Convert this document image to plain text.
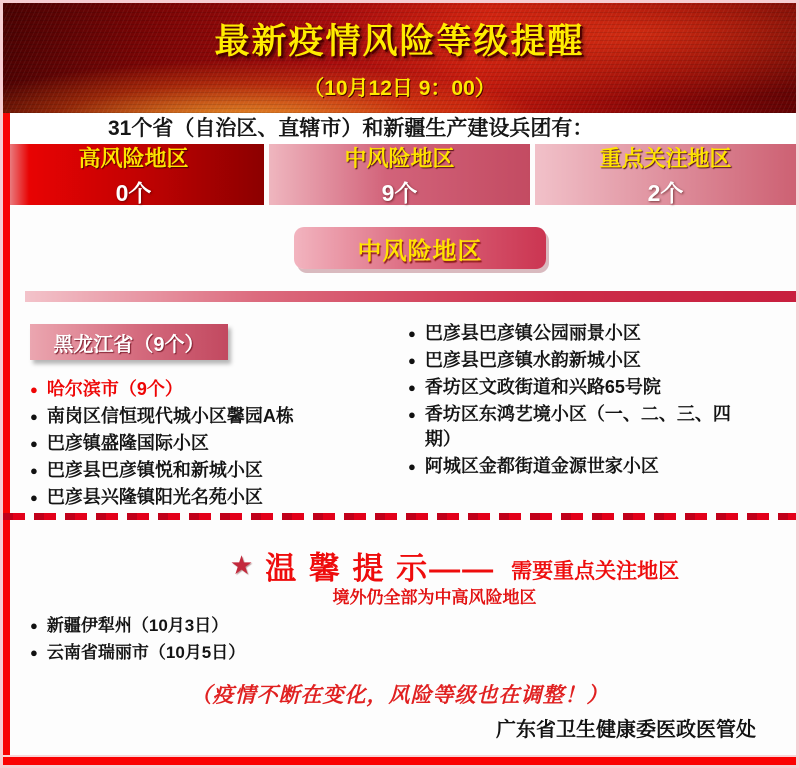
最新疫情风险等级提醒
（10月12日 9：00）
31个省（自治区、直辖市）和新疆生产建设兵团有：
高风险地区
0个
中风险地区
9个
重点关注地区
2个
中风险地区
黑龙江省（9个）
● 哈尔滨市（9个）
● 南岗区信恒现代城小区馨园A栋
● 巴彦镇盛隆国际小区
● 巴彦县巴彦镇悦和新城小区
● 巴彦县兴隆镇阳光名苑小区
● 巴彦县巴彦镇公园丽景小区
● 巴彦县巴彦镇水韵新城小区
● 香坊区文政街道和兴路65号院
● 香坊区东鸿艺境小区（一、二、三、四期）
● 阿城区金都街道金源世家小区
★ 温 馨 提 示—— 需要重点关注地区
境外仍全部为中高风险地区
● 新疆伊犁州（10月3日）
● 云南省瑞丽市（10月5日）
（疫情不断在变化，风险等级也在调整！）
广东省卫生健康委医政医管处
